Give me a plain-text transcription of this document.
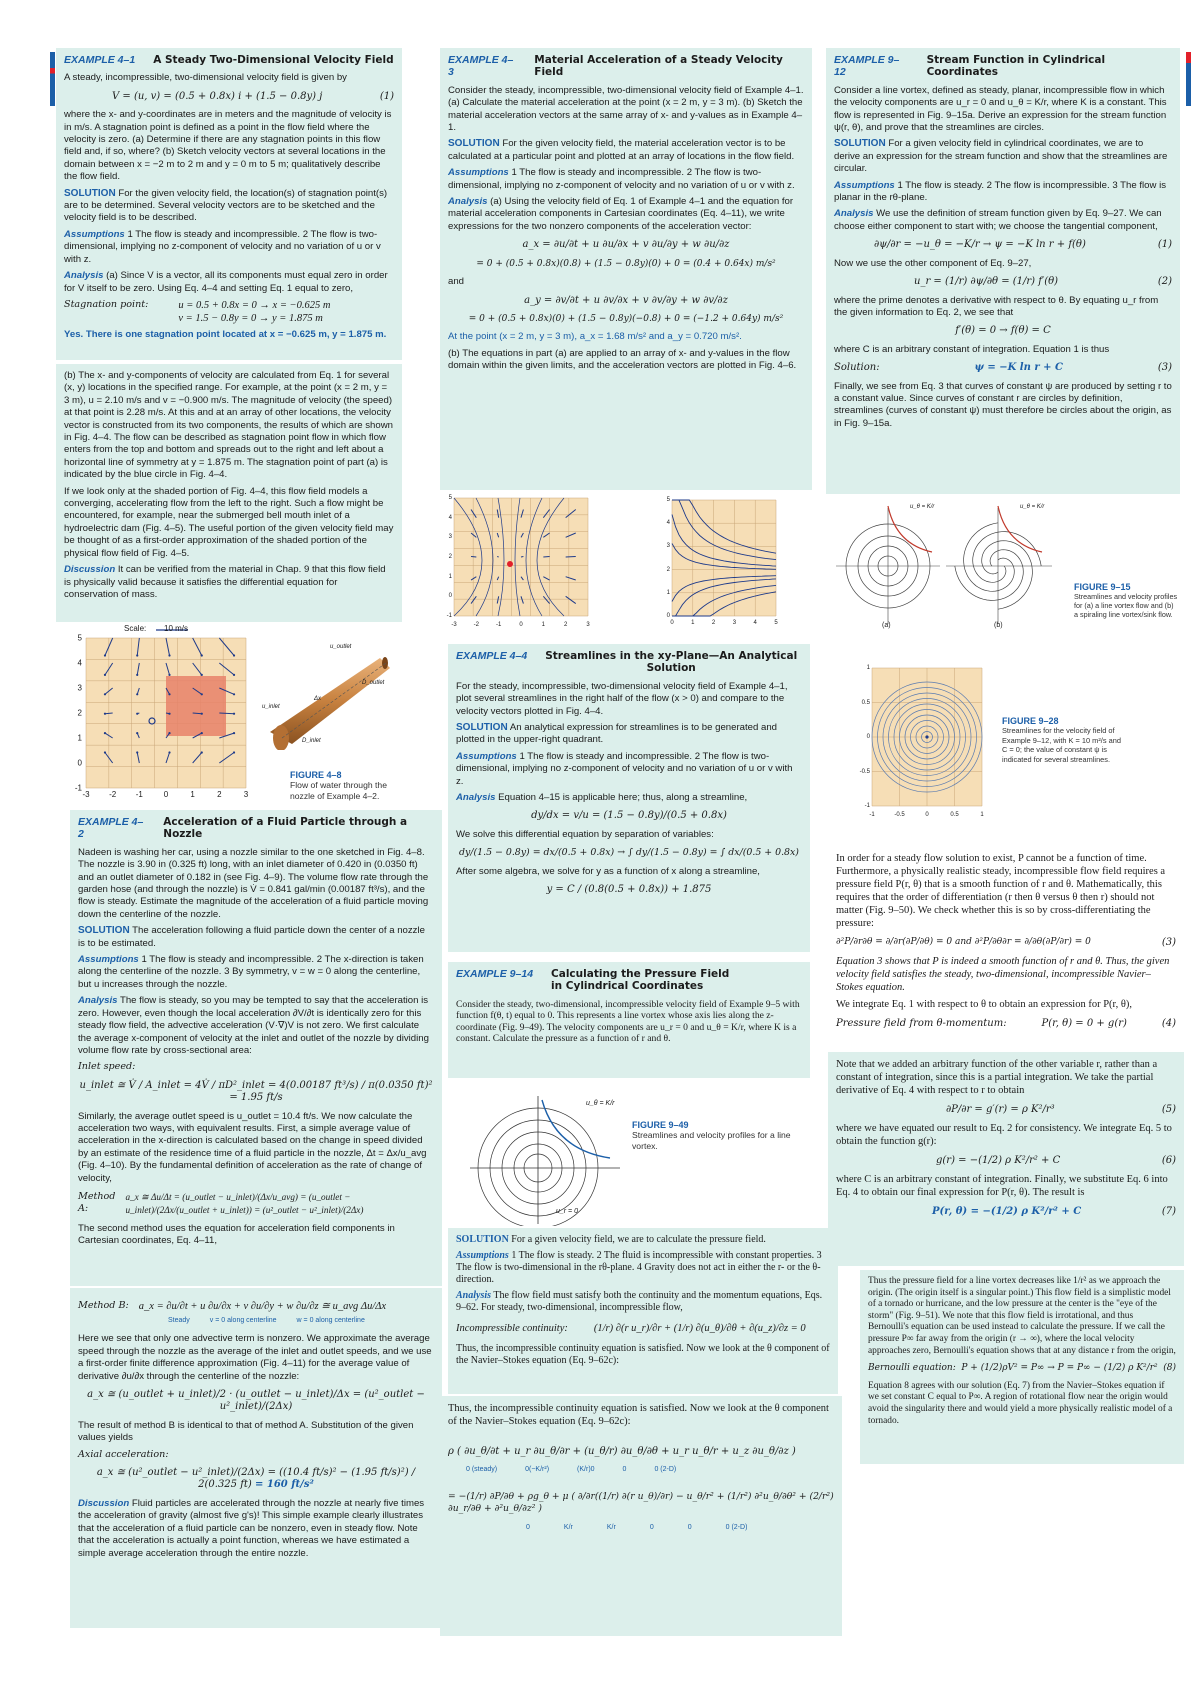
EXAMPLE 4–1 A Steady Two-Dimensional Velocity Field

A steady, incompressible, two-dimensional velocity field is given by

V = (u, v) = (0.5 + 0.8x) i + (1.5 − 0.8y) j	(1)

where the x- and y-coordinates are in meters and the magnitude of velocity is in m/s. A stagnation point is defined as a point in the flow field where the velocity is zero. (a) Determine if there are any stagnation points in this flow field and, if so, where? (b) Sketch velocity vectors at several locations in the domain between x = −2 m to 2 m and y = 0 m to 5 m; qualitatively describe the flow field.

SOLUTION For the given velocity field, the location(s) of stagnation point(s) are to be determined. Several velocity vectors are to be sketched and the velocity field is to be described.

Assumptions 1 The flow is steady and incompressible. 2 The flow is two-dimensional, implying no z-component of velocity and no variation of u or v with z.

Analysis (a) Since V is a vector, all its components must equal zero in order for V itself to be zero. Using Eq. 4–4 and setting Eq. 1 equal to zero,

Stagnation point:	u = 0.5 + 0.8x = 0 → x = −0.625 m
v = 1.5 − 0.8y = 0 → y = 1.875 m

Yes. There is one stagnation point located at x = −0.625 m, y = 1.875 m.

(b) The x- and y-components of velocity are calculated from Eq. 1 for several (x, y) locations in the specified range. For example, at the point (x = 2 m, y = 3 m), u = 2.10 m/s and v = −0.900 m/s. The magnitude of velocity (the speed) at that point is 2.28 m/s. At this and at an array of other locations, the velocity vector is constructed from its two components, the results of which are shown in Fig. 4–4. The flow can be described as stagnation point flow in which flow enters from the top and bottom and spreads out to the right and left about a horizontal line of symmetry at y = 1.875 m. The stagnation point of part (a) is indicated by the blue circle in Fig. 4–4.

If we look only at the shaded portion of Fig. 4–4, this flow field models a converging, accelerating flow from the left to the right. Such a flow might be encountered, for example, near the submerged bell mouth inlet of a hydroelectric dam (Fig. 4–5). The useful portion of the given velocity field may be thought of as a first-order approximation of the shaded portion of the physical flow field of Fig. 4–5.

Discussion It can be verified from the material in Chap. 9 that this flow field is physically valid because it satisfies the differential equation for conservation of mass.

Scale: 10 m/s
-3 -2 -1	0	1	2	3
5
4
3
2
1
0
-1
u_outlet
D_outlet
Δx
u_inlet
D_inlet
FIGURE 4–8
Flow of water through the nozzle of Example 4–2.
EXAMPLE 4–2
Acceleration of a Fluid Particle through a Nozzle

Nadeen is washing her car, using a nozzle similar to the one sketched in Fig. 4–8. The nozzle is 3.90 in (0.325 ft) long, with an inlet diameter of 0.420 in (0.0350 ft) and an outlet diameter of 0.182 in (see Fig. 4–9). The volume flow rate through the garden hose (and through the nozzle) is V̇ = 0.841 gal/min (0.00187 ft³/s), and the flow is steady. Estimate the magnitude of the acceleration of a fluid particle moving down the centerline of the nozzle.

SOLUTION The acceleration following a fluid particle down the center of a nozzle is to be estimated.

Assumptions 1 The flow is steady and incompressible. 2 The x-direction is taken along the centerline of the nozzle. 3 By symmetry, v = w = 0 along the centerline, but u increases through the nozzle.

Analysis The flow is steady, so you may be tempted to say that the acceleration is zero. However, even though the local acceleration ∂V/∂t is identically zero for this steady flow field, the advective acceleration (V·∇)V is not zero. We first calculate the average x-component of velocity at the inlet and outlet of the nozzle by dividing volume flow rate by cross-sectional area:

Inlet speed:

u_inlet ≅ V̇ / A_inlet = 4V̇ / πD²_inlet = 4(0.00187 ft³/s) / π(0.0350 ft)² = 1.95 ft/s

Similarly, the average outlet speed is u_outlet = 10.4 ft/s. We now calculate the acceleration two ways, with equivalent results. First, a simple average value of acceleration in the x-direction is calculated based on the change in speed divided by an estimate of the residence time of a fluid particle in the nozzle, Δt = Δx/u_avg (Fig. 4–10). By the fundamental definition of acceleration as the rate of change of velocity,

Method A:
a_x ≅ Δu/Δt = (u_outlet − u_inlet)/(Δx/u_avg) = (u_outlet − u_inlet)/(2Δx/(u_outlet + u_inlet)) = (u²_outlet − u²_inlet)/(2Δx)

The second method uses the equation for acceleration field components in Cartesian coordinates, Eq. 4–11,

Method B: a_x = ∂u/∂t + u ∂u/∂x + v ∂u/∂y + w ∂u/∂z ≅ u_avg Δu/Δx
Steady	v = 0 along centerline	w = 0 along centerline

Here we see that only one advective term is nonzero. We approximate the average speed through the nozzle as the average of the inlet and outlet speeds, and we use a first-order finite difference approximation (Fig. 4–11) for the average value of derivative ∂u/∂x through the centerline of the nozzle:

a_x ≅ (u_outlet + u_inlet)/2 · (u_outlet − u_inlet)/Δx = (u²_outlet − u²_inlet)/(2Δx)

The result of method B is identical to that of method A. Substitution of the given values yields

Axial acceleration:

a_x ≅ (u²_outlet − u²_inlet)/(2Δx) = ((10.4 ft/s)² − (1.95 ft/s)²) / 2(0.325 ft) = 160 ft/s²

Discussion Fluid particles are accelerated through the nozzle at nearly five times the acceleration of gravity (almost five g's)! This simple example clearly illustrates that the acceleration of a fluid particle can be nonzero, even in steady flow. Note that the acceleration is actually a point function, whereas we have estimated a simple average acceleration through the entire nozzle.

EXAMPLE 4–3
Material Acceleration of a Steady Velocity Field

Consider the steady, incompressible, two-dimensional velocity field of Example 4–1. (a) Calculate the material acceleration at the point (x = 2 m, y = 3 m). (b) Sketch the material acceleration vectors at the same array of x- and y-values as in Example 4–1.

SOLUTION For the given velocity field, the material acceleration vector is to be calculated at a particular point and plotted at an array of locations in the flow field.

Assumptions 1 The flow is steady and incompressible. 2 The flow is two-dimensional, implying no z-component of velocity and no variation of u or v with z.

Analysis (a) Using the velocity field of Eq. 1 of Example 4–1 and the equation for material acceleration components in Cartesian coordinates (Eq. 4–11), we write expressions for the two nonzero components of the acceleration vector:

a_x = ∂u/∂t + u ∂u/∂x + v ∂u/∂y + w ∂u/∂z
= 0 + (0.5 + 0.8x)(0.8) + (1.5 − 0.8y)(0) + 0 = (0.4 + 0.64x) m/s²

and

a_y = ∂v/∂t + u ∂v/∂x + v ∂v/∂y + w ∂v/∂z
= 0 + (0.5 + 0.8x)(0) + (1.5 − 0.8y)(−0.8) + 0 = (−1.2 + 0.64y) m/s²

At the point (x = 2 m, y = 3 m), a_x = 1.68 m/s² and a_y = 0.720 m/s².

(b) The equations in part (a) are applied to an array of x- and y-values in the flow domain within the given limits, and the acceleration vectors are plotted in Fig. 4–6.

-3	-2	-1	0	1	2	3
5
4
3
2
1
0
-1
0	1	2	3	4	5
5
4
3
2
1
0
EXAMPLE 4–4 Streamlines in the xy-Plane—An Analytical
Solution

For the steady, incompressible, two-dimensional velocity field of Example 4–1, plot several streamlines in the right half of the flow (x > 0) and compare to the velocity vectors plotted in Fig. 4–4.

SOLUTION An analytical expression for streamlines is to be generated and plotted in the upper-right quadrant.

Assumptions 1 The flow is steady and incompressible. 2 The flow is two-dimensional, implying no z-component of velocity and no variation of u or v with z.

Analysis Equation 4–15 is applicable here; thus, along a streamline,

dy/dx = v/u = (1.5 − 0.8y)/(0.5 + 0.8x)

We solve this differential equation by separation of variables:

dy/(1.5 − 0.8y) = dx/(0.5 + 0.8x) → ∫ dy/(1.5 − 0.8y) = ∫ dx/(0.5 + 0.8x)

After some algebra, we solve for y as a function of x along a streamline,

y = C / (0.8(0.5 + 0.8x)) + 1.875
EXAMPLE 9–14 Calculating the Pressure Field
in Cylindrical Coordinates

Consider the steady, two-dimensional, incompressible velocity field of Example 9–5 with function f(θ, t) equal to 0. This represents a line vortex whose axis lies along the z-coordinate (Fig. 9–49). The velocity components are u_r = 0 and u_θ = K/r, where K is a constant. Calculate the pressure as a function of r and θ.

u_θ = K/r
u_r = 0
FIGURE 9–49
Streamlines and velocity profiles for a line vortex.

SOLUTION For a given velocity field, we are to calculate the pressure field.

Assumptions 1 The flow is steady. 2 The fluid is incompressible with constant properties. 3 The flow is two-dimensional in the rθ-plane. 4 Gravity does not act in either the r- or the θ-direction.

Analysis The flow field must satisfy both the continuity and the momentum equations, Eqs. 9–62. For steady, two-dimensional, incompressible flow,

Incompressible continuity: (1/r) ∂(r u_r)/∂r + (1/r) ∂(u_θ)/∂θ + ∂(u_z)/∂z = 0

Thus, the incompressible continuity equation is satisfied. Now we look at the θ component of the Navier–Stokes equation (Eq. 9–62c):

Thus, the incompressible continuity equation is satisfied. Now we look at the θ component of the Navier–Stokes equation (Eq. 9–62c):

ρ ( ∂u_θ/∂t + u_r ∂u_θ/∂r + (u_θ/r) ∂u_θ/∂θ + u_r u_θ/r + u_z ∂u_θ/∂z )
0 (steady)	0(−K/r²)	(K/r)0	0	0 (2-D)
= −(1/r) ∂P/∂θ + ρg_θ + μ ( ∂/∂r((1/r) ∂(r u_θ)/∂r) − u_θ/r² + (1/r²) ∂²u_θ/∂θ² + (2/r²) ∂u_r/∂θ + ∂²u_θ/∂z² )
0	K/r	K/r	0	0	0 (2-D)
EXAMPLE 9–12
Stream Function in Cylindrical Coordinates

Consider a line vortex, defined as steady, planar, incompressible flow in which the velocity components are u_r = 0 and u_θ = K/r, where K is a constant. This flow is represented in Fig. 9–15a. Derive an expression for the stream function ψ(r, θ), and prove that the streamlines are circles.

SOLUTION For a given velocity field in cylindrical coordinates, we are to derive an expression for the stream function and show that the streamlines are circular.

Assumptions 1 The flow is steady. 2 The flow is incompressible. 3 The flow is planar in the rθ-plane.

Analysis We use the definition of stream function given by Eq. 9–27. We can choose either component to start with; we choose the tangential component,

∂ψ/∂r = −u_θ = −K/r → ψ = −K ln r + f(θ)	(1)

Now we use the other component of Eq. 9–27,

u_r = (1/r) ∂ψ/∂θ = (1/r) f′(θ)	(2)

where the prime denotes a derivative with respect to θ. By equating u_r from the given information to Eq. 2, we see that

f′(θ) = 0 → f(θ) = C

where C is an arbitrary constant of integration. Equation 1 is thus

Solution:	ψ = −K ln r + C	(3)

Finally, we see from Eq. 3 that curves of constant ψ are produced by setting r to a constant value. Since curves of constant r are circles by definition, streamlines (curves of constant ψ) must therefore be circles about the origin, as in Fig. 9–15a.

(a)	(b)
u_θ = K/r	u_θ = K/r
FIGURE 9–15
Streamlines and velocity profiles for (a) a line vortex flow and (b) a spiraling line vortex/sink flow.
-1	-0.5	0	0.5	1
1
0.5
0
-0.5
-1
FIGURE 9–28
Streamlines for the velocity field of Example 9–12, with K = 10 m²/s and C = 0; the value of constant ψ is indicated for several streamlines.

In order for a steady flow solution to exist, P cannot be a function of time. Furthermore, a physically realistic steady, incompressible flow field requires a pressure field P(r, θ) that is a smooth function of r and θ. Mathematically, this requires that the order of differentiation (r then θ versus θ then r) should not matter (Fig. 9–50). We check whether this is so by cross-differentiating the pressure:

∂²P/∂r∂θ = ∂/∂r(∂P/∂θ) = 0 and ∂²P/∂θ∂r = ∂/∂θ(∂P/∂r) = 0	(3)

Equation 3 shows that P is indeed a smooth function of r and θ. Thus, the given velocity field satisfies the steady, two-dimensional, incompressible Navier–Stokes equation.

We integrate Eq. 1 with respect to θ to obtain an expression for P(r, θ),

Pressure field from θ-momentum:	P(r, θ) = 0 + g(r)	(4)

Note that we added an arbitrary function of the other variable r, rather than a constant of integration, since this is a partial integration. We take the partial derivative of Eq. 4 with respect to r to obtain

∂P/∂r = g′(r) = ρ K²/r³	(5)

where we have equated our result to Eq. 2 for consistency. We integrate Eq. 5 to obtain the function g(r):

g(r) = −(1/2) ρ K²/r² + C	(6)

where C is an arbitrary constant of integration. Finally, we substitute Eq. 6 into Eq. 4 to obtain our final expression for P(r, θ). The result is

P(r, θ) = −(1/2) ρ K²/r² + C	(7)

Thus the pressure field for a line vortex decreases like 1/r² as we approach the origin. (The origin itself is a singular point.) This flow field is a simplistic model of a tornado or hurricane, and the low pressure at the center is the "eye of the storm" (Fig. 9–51). We note that this flow field is irrotational, and thus Bernoulli's equation can be used instead to calculate the pressure. If we call the pressure P∞ far away from the origin (r → ∞), where the local velocity approaches zero, Bernoulli's equation shows that at any distance r from the origin,

Bernoulli equation: P + (1/2)ρV² = P∞ → P = P∞ − (1/2) ρ K²/r² (8)

Equation 8 agrees with our solution (Eq. 7) from the Navier–Stokes equation if we set constant C equal to P∞. A region of rotational flow near the origin would avoid the singularity there and would yield a more physically realistic model of a tornado.
